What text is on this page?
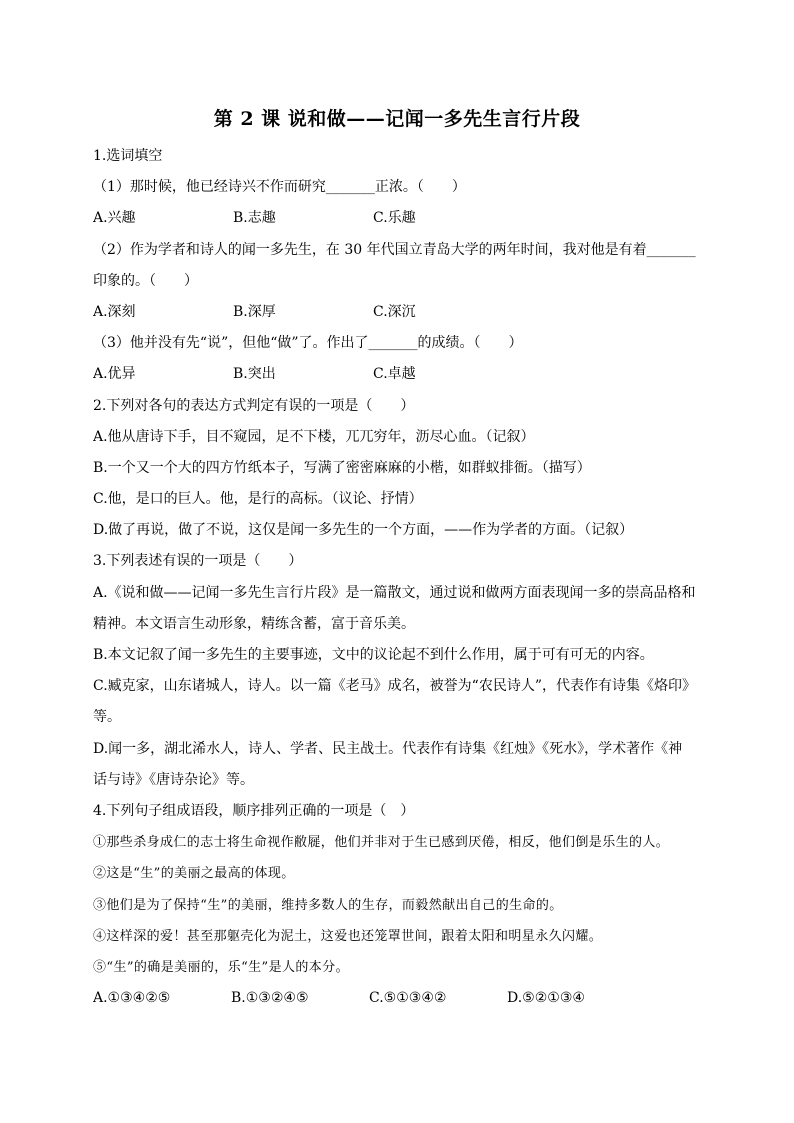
第 2 课 说和做——记闻一多先生言行片段
1.选词填空
（1）那时候，他已经诗兴不作而研究_______正浓。（　　）
A.兴趣	B.志趣	C.乐趣
（2）作为学者和诗人的闻一多先生，在 30 年代国立青岛大学的两年时间，我对他是有着_______
印象的。（　　）
A.深刻	B.深厚	C.深沉
（3）他并没有先“说”，但他“做”了。作出了_______的成绩。（　　）
A.优异	B.突出	C.卓越
2.下列对各句的表达方式判定有误的一项是（　　）
A.他从唐诗下手，目不窥园，足不下楼，兀兀穷年，沥尽心血。（记叙）
B.一个又一个大的四方竹纸本子，写满了密密麻麻的小楷，如群蚁排衙。（描写）
C.他，是口的巨人。他，是行的高标。（议论、抒情）
D.做了再说，做了不说，这仅是闻一多先生的一个方面，——作为学者的方面。（记叙）
3.下列表述有误的一项是（　　）
A.《说和做——记闻一多先生言行片段》是一篇散文，通过说和做两方面表现闻一多的崇高品格和
精神。本文语言生动形象，精练含蓄，富于音乐美。
B.本文记叙了闻一多先生的主要事迹，文中的议论起不到什么作用，属于可有可无的内容。
C.臧克家，山东诸城人，诗人。以一篇《老马》成名，被誉为“农民诗人”，代表作有诗集《烙印》
等。
D.闻一多，湖北浠水人，诗人、学者、民主战士。代表作有诗集《红烛》《死水》，学术著作《神
话与诗》《唐诗杂论》等。
4.下列句子组成语段，顺序排列正确的一项是（　）
①那些杀身成仁的志士将生命视作敝屣，他们并非对于生已感到厌倦，相反，他们倒是乐生的人。
②这是“生”的美丽之最高的体现。
③他们是为了保持“生”的美丽，维持多数人的生存，而毅然献出自己的生命的。
④这样深的爱！甚至那躯壳化为泥土，这爱也还笼罩世间，跟着太阳和明星永久闪耀。
⑤“生”的确是美丽的，乐“生”是人的本分。
A.①③④②⑤	B.①③②④⑤	C.⑤①③④②	D.⑤②①③④
